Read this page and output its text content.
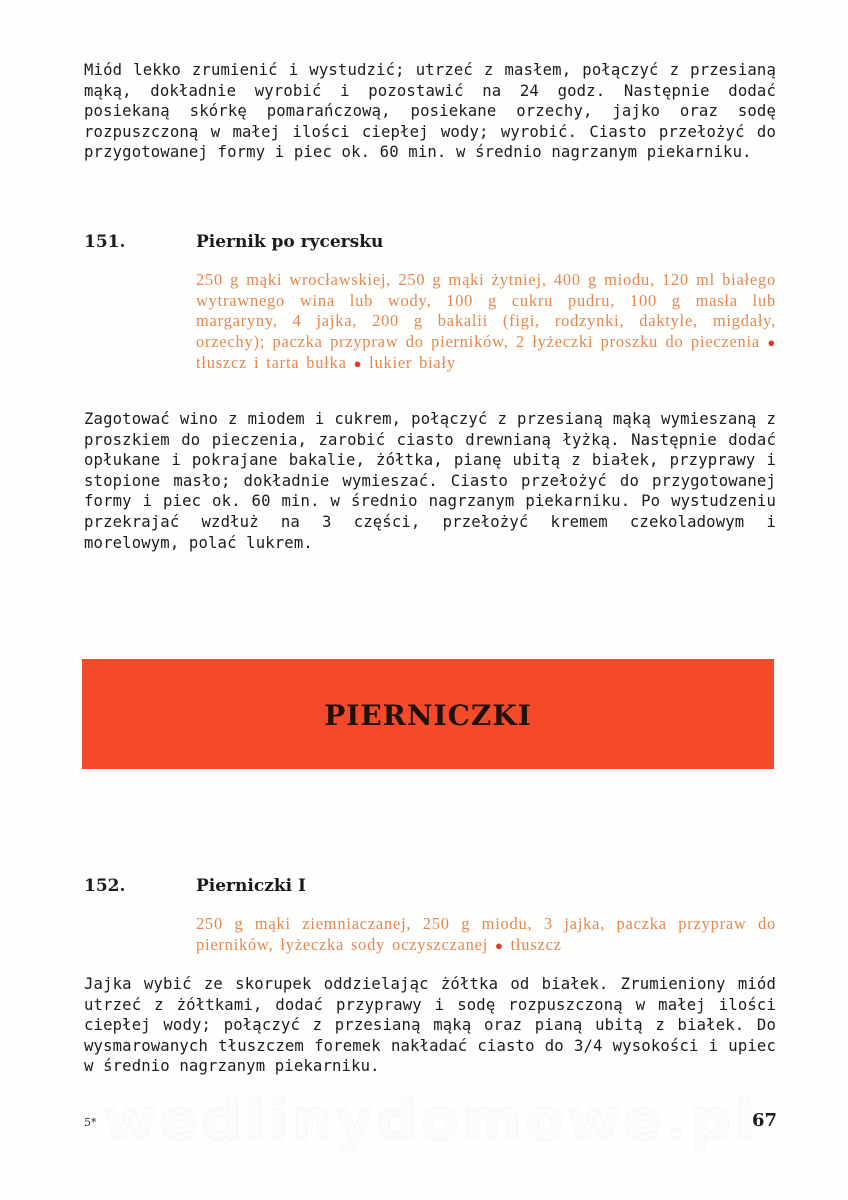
Miód lekko zrumienić i wystudzić; utrzeć z masłem, połączyć z przesianą mąką, dokładnie wyrobić i pozostawić na 24 godz. Następnie dodać posiekaną skórkę pomarańczową, posiekane orzechy, jajko oraz sodę rozpuszczoną w małej ilości ciepłej wody; wyrobić. Ciasto przełożyć do przygotowanej formy i piec ok. 60 min. w średnio nagrzanym piekarniku.

151.	Piernik po rycersku
250 g mąki wrocławskiej, 250 g mąki żytniej, 400 g miodu, 120 ml białego wytrawnego wina lub wody, 100 g cukru pudru, 100 g masła lub margaryny, 4 jajka, 200 g bakalii (figi, rodzynki, daktyle, migdały, orzechy); paczka przypraw do pierników, 2 łyżeczki proszku do pieczenia ● tłuszcz i tarta bułka ● lukier biały

Zagotować wino z miodem i cukrem, połączyć z przesianą mąką wymieszaną z proszkiem do pieczenia, zarobić ciasto drewnianą łyżką. Następnie dodać opłukane i pokrajane bakalie, żółtka, pianę ubitą z białek, przyprawy i stopione masło; dokładnie wymieszać. Ciasto przełożyć do przygotowanej formy i piec ok. 60 min. w średnio nagrzanym piekarniku. Po wystudzeniu przekrajać wzdłuż na 3 części, przełożyć kremem czekoladowym i morelowym, polać lukrem.

PIERNICZKI
152.	Pierniczki I
250 g mąki ziemniaczanej, 250 g miodu, 3 jajka, paczka przypraw do pierników, łyżeczka sody oczyszczanej ● tłuszcz

Jajka wybić ze skorupek oddzielając żółtka od białek. Zrumieniony miód utrzeć z żółtkami, dodać przyprawy i sodę rozpuszczoną w małej ilości ciepłej wody; połączyć z przesianą mąką oraz pianą ubitą z białek. Do wysmarowanych tłuszczem foremek nakładać ciasto do 3/4 wysokości i upiec w średnio nagrzanym piekarniku.

5* wedlinydomowe.pl
67
